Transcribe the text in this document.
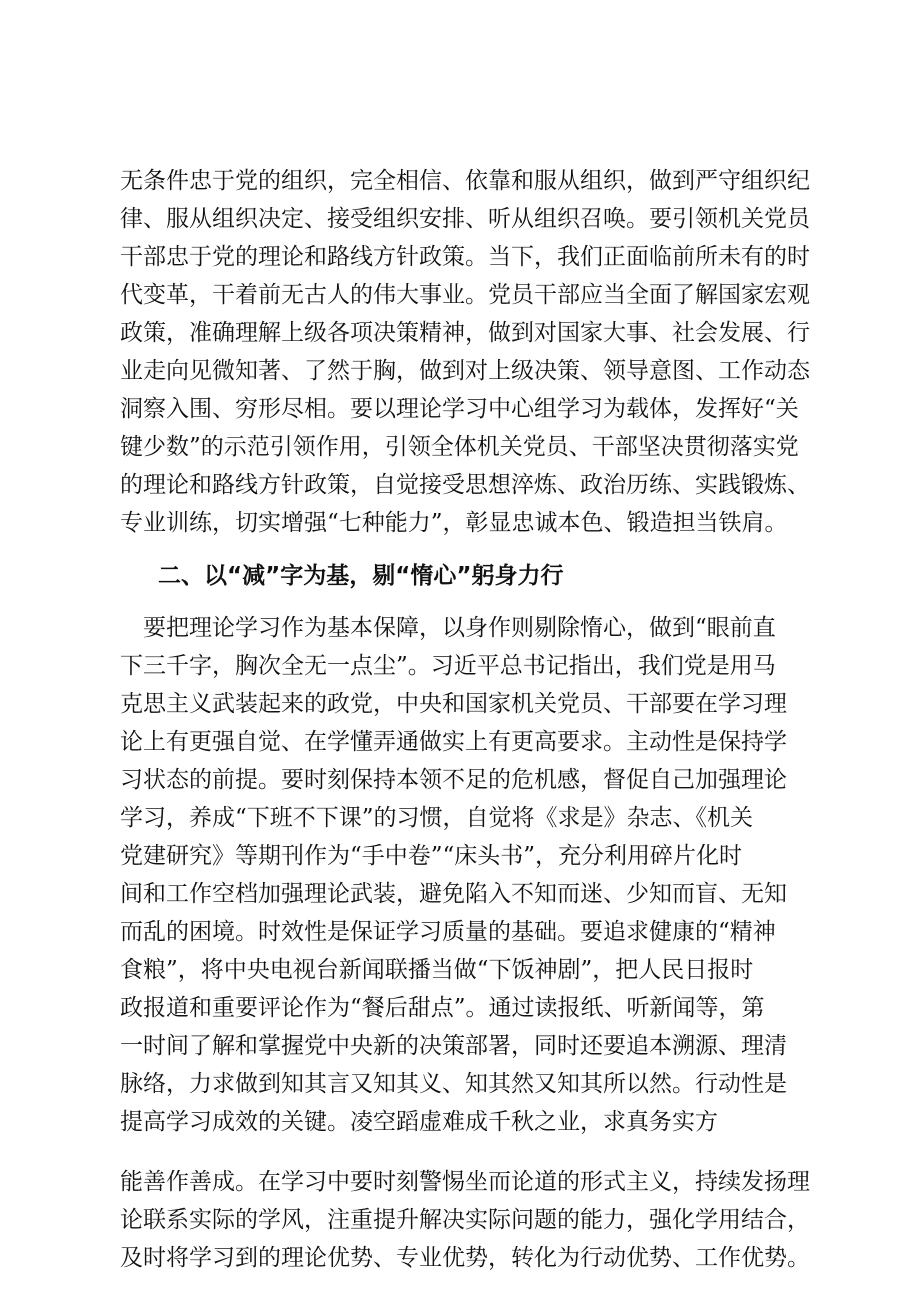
无条件忠于党的组织，完全相信、依靠和服从组织，做到严守组织纪
律、服从组织决定、接受组织安排、听从组织召唤。要引领机关党员
干部忠于党的理论和路线方针政策。当下，我们正面临前所未有的时
代变革，干着前无古人的伟大事业。党员干部应当全面了解国家宏观
政策，准确理解上级各项决策精神，做到对国家大事、社会发展、行
业走向见微知著、了然于胸，做到对上级决策、领导意图、工作动态
洞察入围、穷形尽相。要以理论学习中心组学习为载体，发挥好“关
键少数”的示范引领作用，引领全体机关党员、干部坚决贯彻落实党
的理论和路线方针政策，自觉接受思想淬炼、政治历练、实践锻炼、
专业训练，切实增强“七种能力”，彰显忠诚本色、锻造担当铁肩。
二、以“减”字为基，剔“惰心”躬身力行
　要把理论学习作为基本保障，以身作则剔除惰心，做到“眼前直
下三千字，胸次全无一点尘”。习近平总书记指出，我们党是用马
克思主义武装起来的政党，中央和国家机关党员、干部要在学习理
论上有更强自觉、在学懂弄通做实上有更高要求。主动性是保持学
习状态的前提。要时刻保持本领不足的危机感，督促自己加强理论
学习，养成“下班不下课”的习惯，自觉将《求是》杂志、《机关
党建研究》等期刊作为“手中卷”“床头书”，充分利用碎片化时
间和工作空档加强理论武装，避免陷入不知而迷、少知而盲、无知
而乱的困境。时效性是保证学习质量的基础。要追求健康的“精神
食粮”，将中央电视台新闻联播当做“下饭神剧”，把人民日报时
政报道和重要评论作为“餐后甜点”。通过读报纸、听新闻等，第
一时间了解和掌握党中央新的决策部署，同时还要追本溯源、理清
脉络，力求做到知其言又知其义、知其然又知其所以然。行动性是
提高学习成效的关键。凌空蹈虚难成千秋之业，求真务实方
能善作善成。在学习中要时刻警惕坐而论道的形式主义，持续发扬理
论联系实际的学风，注重提升解决实际问题的能力，强化学用结合，
及时将学习到的理论优势、专业优势，转化为行动优势、工作优势。
